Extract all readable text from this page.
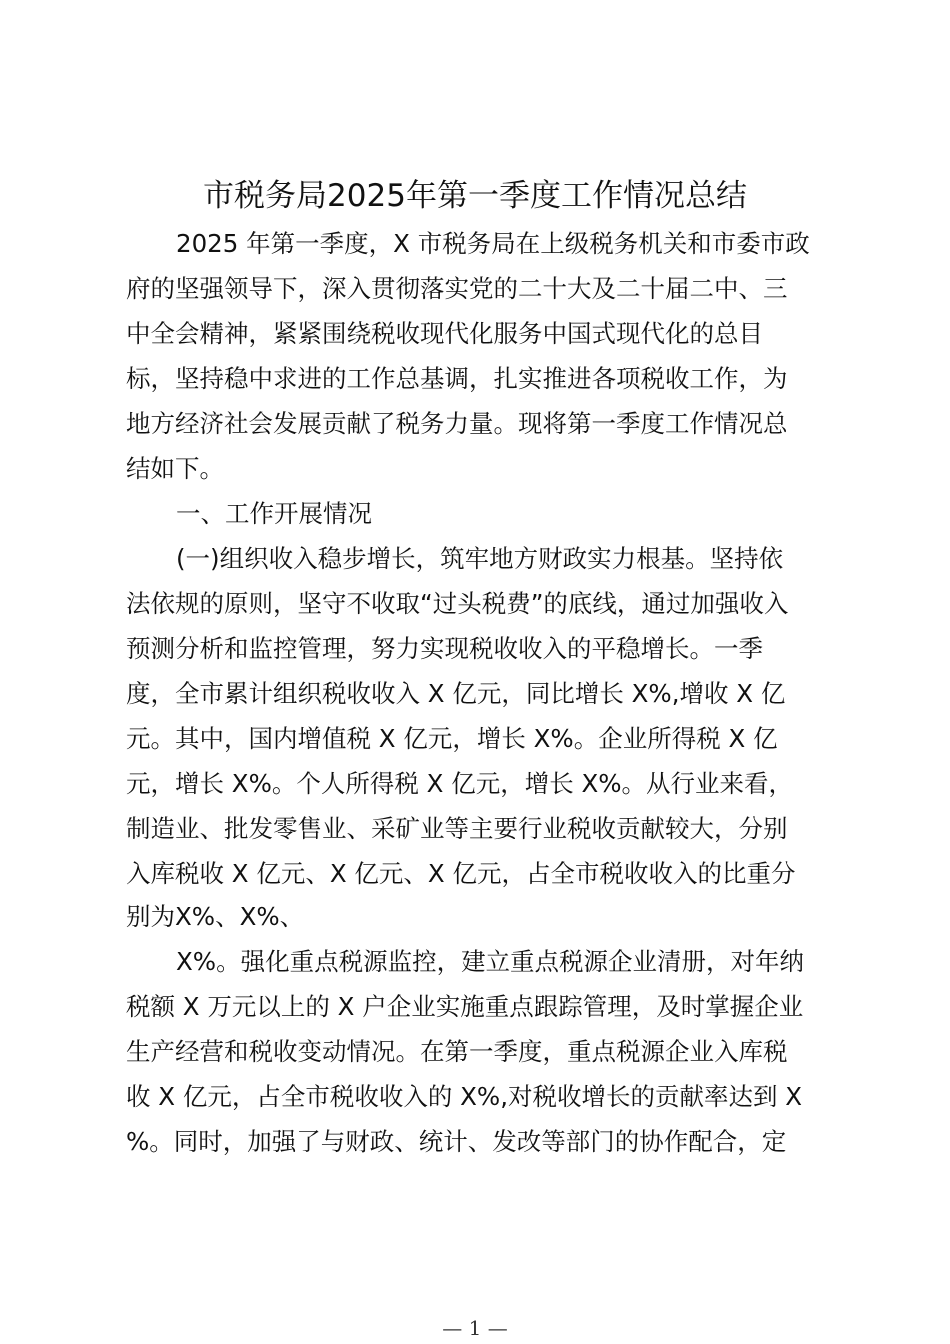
市税务局2025年第一季度工作情况总结
2025 年第一季度，X 市税务局在上级税务机关和市委市政
府的坚强领导下，深入贯彻落实党的二十大及二十届二中、三
中全会精神，紧紧围绕税收现代化服务中国式现代化的总目
标，坚持稳中求进的工作总基调，扎实推进各项税收工作，为
地方经济社会发展贡献了税务力量。现将第一季度工作情况总
结如下。
一、工作开展情况
(一)组织收入稳步增长，筑牢地方财政实力根基。坚持依
法依规的原则，坚守不收取“过头税费”的底线，通过加强收入
预测分析和监控管理，努力实现税收收入的平稳增长。一季
度，全市累计组织税收收入 X 亿元，同比增长 X%,增收 X 亿
元。其中，国内增值税 X 亿元，增长 X%。企业所得税 X 亿
元，增长 X%。个人所得税 X 亿元，增长 X%。从行业来看，
制造业、批发零售业、采矿业等主要行业税收贡献较大，分别
入库税收 X 亿元、X 亿元、X 亿元，占全市税收收入的比重分
别为X%、X%、
X%。强化重点税源监控，建立重点税源企业清册，对年纳
税额 X 万元以上的 X 户企业实施重点跟踪管理，及时掌握企业
生产经营和税收变动情况。在第一季度，重点税源企业入库税
收 X 亿元，占全市税收收入的 X%,对税收增长的贡献率达到 X
%。同时，加强了与财政、统计、发改等部门的协作配合，定
— 1 —
